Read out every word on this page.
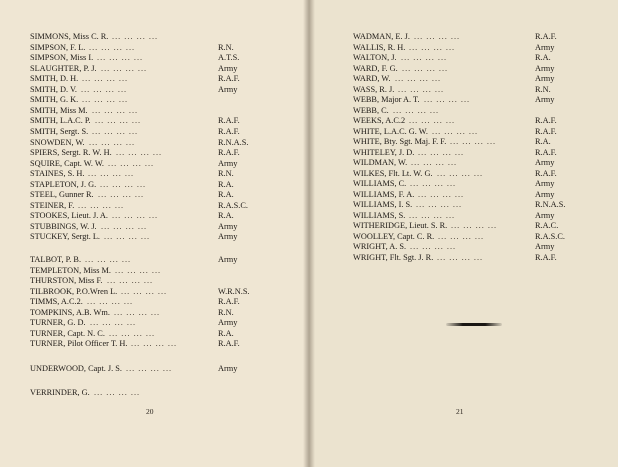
SIMMONS, Miss C. R. ... ... ... ...
SIMPSON, F. L. ... ... ... ...	R.N.
SIMPSON, Miss I. ... ... ... ...	A.T.S.
SLAUGHTER, P. J. ... ... ... ...	Army
SMITH, D. H. ... ... ... ...	R.A.F.
SMITH, D. V. ... ... ... ...	Army
SMITH, G. K. ... ... ... ...
SMITH, Miss M. ... ... ... ...
SMITH, L.A.C. P. ... ... ... ...	R.A.F.
SMITH, Sergt. S. ... ... ... ...	R.A.F.
SNOWDEN, W. ... ... ... ...	R.N.A.S.
SPIERS, Sergt. R. W. H. ... ... ... ...	R.A.F.
SQUIRE, Capt. W. W. ... ... ... ...	Army
STAINES, S. H. ... ... ... ...	R.N.
STAPLETON, J. G. ... ... ... ...	R.A.
STEEL, Gunner R. ... ... ... ...	R.A.
STEINER, F. ... ... ... ...	R.A.S.C.
STOOKES, Lieut. J. A. ... ... ... ...	R.A.
STUBBINGS, W. J. ... ... ... ...	Army
STUCKEY, Sergt. L. ... ... ... ...	Army
TALBOT, P. B. ... ... ... ...	Army
TEMPLETON, Miss M. ... ... ... ...
THURSTON, Miss F. ... ... ... ...
TILBROOK, P.O.Wren L. ... ... ... ...	W.R.N.S.
TIMMS, A.C.2. ... ... ... ...	R.A.F.
TOMPKINS, A.B. Wm. ... ... ... ...	R.N.
TURNER, G. D. ... ... ... ...	Army
TURNER, Capt. N. C. ... ... ... ...	R.A.
TURNER, Pilot Officer T. H. ... ... ... ...	R.A.F.
UNDERWOOD, Capt. J. S. ... ... ... ...	Army
VERRINDER, G. ... ... ... ...
20
WADMAN, E. J. ... ... ... ...	R.A.F.
WALLIS, R. H. ... ... ... ...	Army
WALTON, J. ... ... ... ...	R.A.
WARD, F. G. ... ... ... ...	Army
WARD, W. ... ... ... ...	Army
WASS, R. J. ... ... ... ...	R.N.
WEBB, Major A. T. ... ... ... ...	Army
WEBB, C. ... ... ... ...
WEEKS, A.C.2 ... ... ... ...	R.A.F.
WHITE, L.A.C. G. W. ... ... ... ...	R.A.F.
WHITE, Bty. Sgt. Maj. F. F. ... ... ... ...	R.A.
WHITELEY, J. D. ... ... ... ...	R.A.F.
WILDMAN, W. ... ... ... ...	Army
WILKES, Flt. Lt. W. G. ... ... ... ...	R.A.F.
WILLIAMS, C. ... ... ... ...	Army
WILLIAMS, F. A. ... ... ... ...	Army
WILLIAMS, I. S. ... ... ... ...	R.N.A.S.
WILLIAMS, S. ... ... ... ...	Army
WITHERIDGE, Lieut. S. R. ... ... ... ...	R.A.C.
WOOLLEY, Capt. C. R. ... ... ... ...	R.A.S.C.
WRIGHT, A. S. ... ... ... ...	Army
WRIGHT, Flt. Sgt. J. R. ... ... ... ...	R.A.F.
21
